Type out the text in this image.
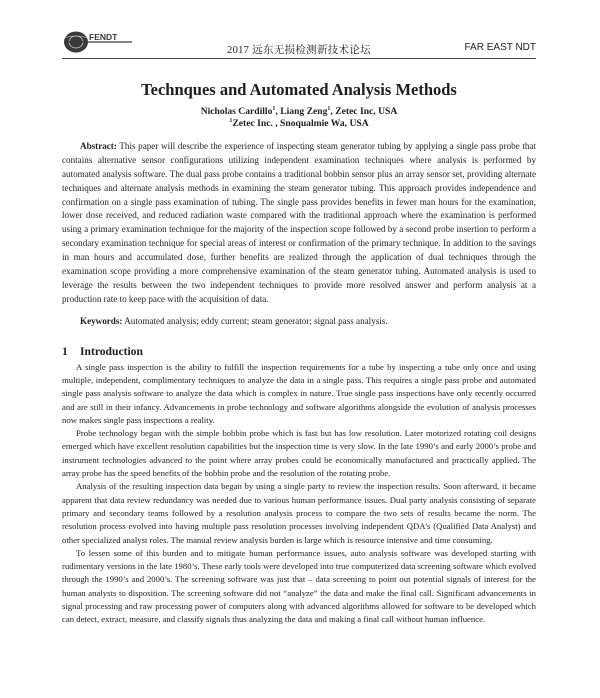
FENDT
2017 远东无损检测新技术论坛	FAR EAST NDT
Technques and Automated Analysis Methods
Nicholas Cardillo$^1$, Liang Zeng$^1$, Zetec Inc, USA
$^1$Zetec Inc. , Snoqualmie Wa, USA

Abstract: This paper will describe the experience of inspecting steam generator tubing by applying a single pass probe that contains alternative sensor configurations utilizing independent examination techniques where analysis is performed by automated analysis software. The dual pass probe contains a traditional bobbin sensor plus an array sensor set, providing alternate techniques and alternate analysis methods in examining the steam generator tubing. This approach provides independence and confirmation on a single pass examination of tubing. The single pass provides benefits in fewer man hours for the examination, lower dose received, and reduced radiation waste compared with the traditional approach where the examination is performed using a primary examination technique for the majority of the inspection scope followed by a second probe insertion to perform a secondary examination technique for special areas of interest or confirmation of the primary technique. In addition to the savings in man hours and accumulated dose, further benefits are realized through the application of dual techniques through the examination scope providing a more comprehensive examination of the steam generator tubing. Automated analysis is used to leverage the results between the two independent techniques to provide more resolved answer and perform analysis at a production rate to keep pace with the acquisition of data.

Keywords: Automated analysis; eddy current; steam generator; signal pass analysis.

1 Introduction

A single pass inspection is the ability to fulfill the inspection requirements for a tube by inspecting a tube only once and using multiple, independent, complimentary techniques to analyze the data in a single pass. This requires a single pass probe and automated single pass analysis software to analyze the data which is complex in nature. True single pass inspections have only recently occurred and are still in their infancy. Advancements in probe technology and software algorithms alongside the evolution of analysis processes now makes single pass inspections a reality.

Probe technology began with the simple bobbin probe which is fast but has low resolution. Later motorized rotating coil designs emerged which have excellent resolution capabilities but the inspection time is very slow. In the late 1990’s and early 2000’s probe and instrument technologies advanced to the point where array probes could be economically manufactured and practically applied. The array probe has the speed benefits of the bobbin probe and the resolution of the rotating probe.

Analysis of the resulting inspection data began by using a single party to review the inspection results. Soon afterward, it became apparent that data review redundancy was needed due to various human performance issues. Dual party analysis consisting of separate primary and secondary teams followed by a resolution analysis process to compare the two sets of results became the norm. The resolution process evolved into having multiple pass resolution processes involving independent QDA’s (Qualified Data Analyst) and other specialized analyst roles. The manual review analysis burden is large which is resource intensive and time consuming.

To lessen some of this burden and to mitigate human performance issues, auto analysis software was developed starting with rudimentary versions in the late 1980’s. These early tools were developed into true computerized data screening software which evolved through the 1990’s and 2000’s. The screening software was just that – data screening to point out potential signals of interest for the human analysts to disposition. The screening software did not “analyze” the data and make the final call. Significant advancements in signal processing and raw processing power of computers along with advanced algorithms allowed for software to be developed which can detect, extract, measure, and classify signals thus analyzing the data and making a final call without human influence.
